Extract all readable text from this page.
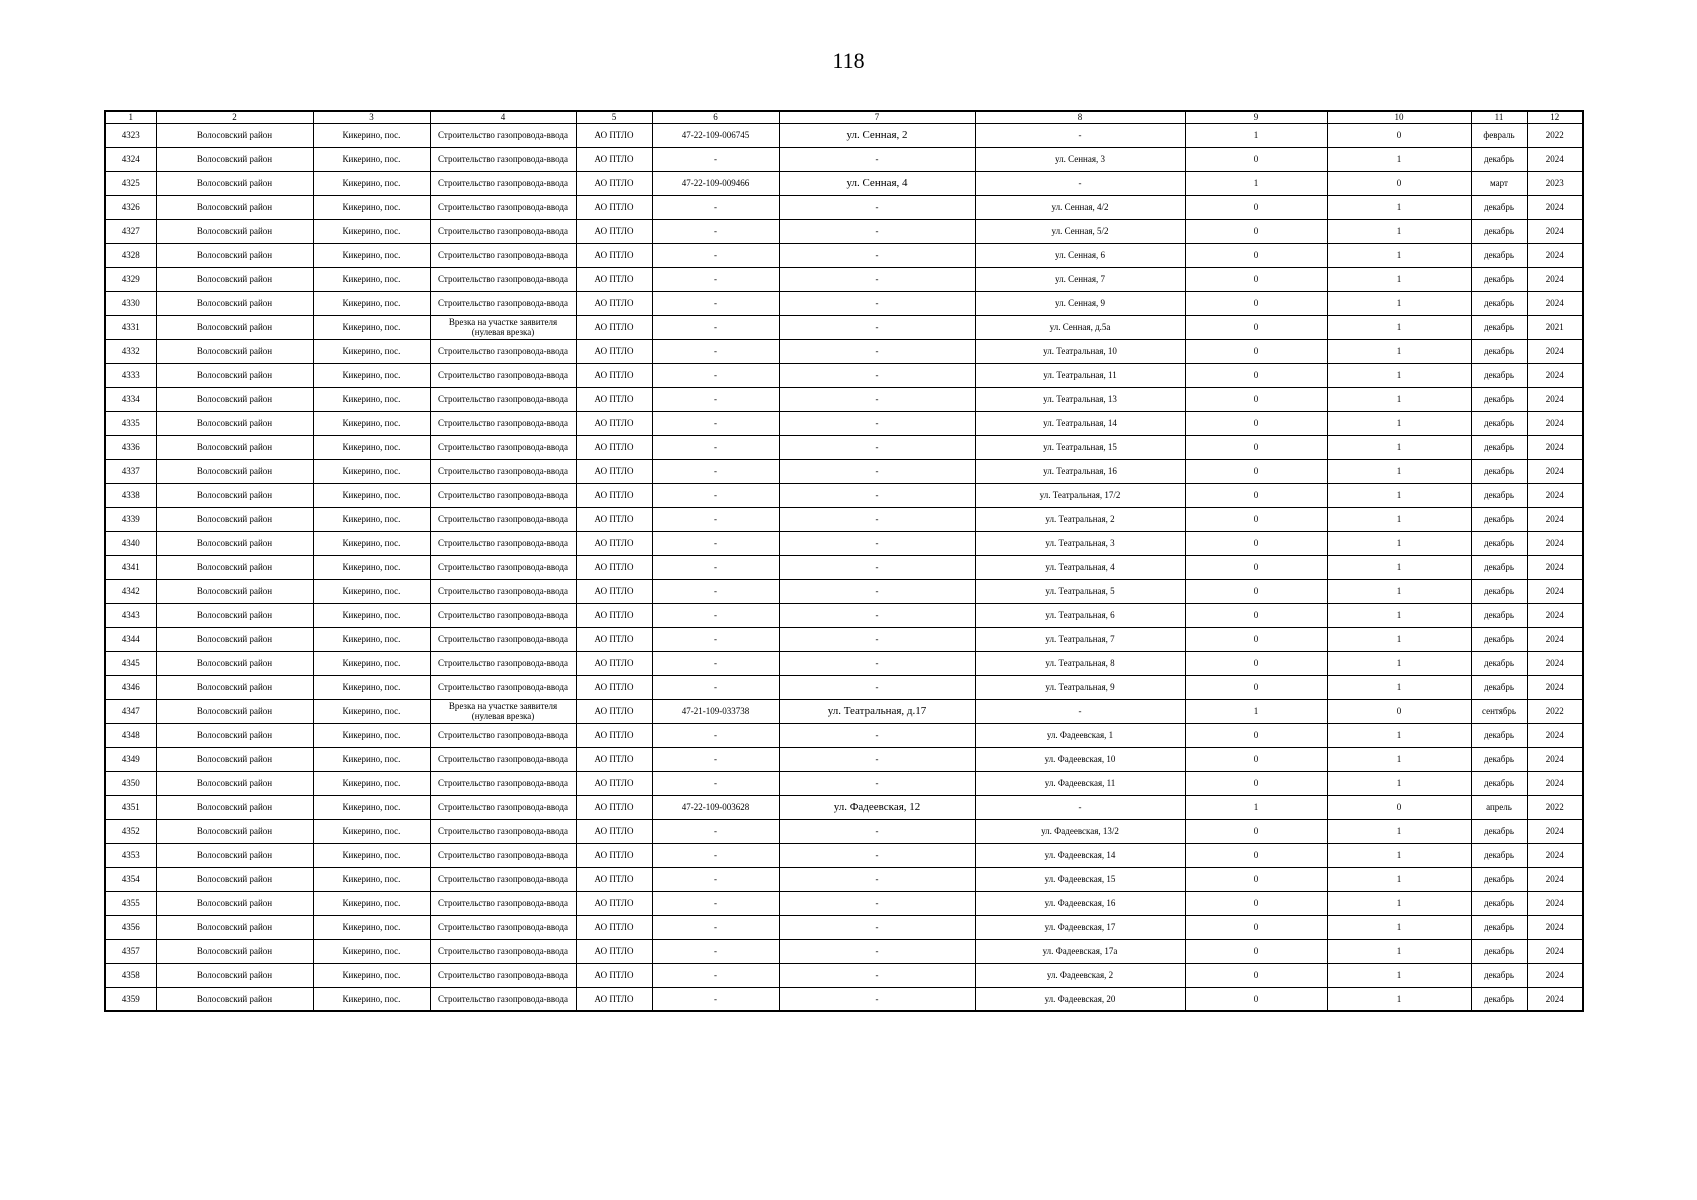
118
1	2	3	4	5	6	7	8	9	10	11	12
4323	Волосовский район	Кикерино, пос.	Строительство газопровода-ввода	АО ПТЛО	47-22-109-006745	ул. Сенная, 2	-	1	0	февраль	2022
4324	Волосовский район	Кикерино, пос.	Строительство газопровода-ввода	АО ПТЛО	-	-	ул. Сенная, 3	0	1	декабрь	2024
4325	Волосовский район	Кикерино, пос.	Строительство газопровода-ввода	АО ПТЛО	47-22-109-009466	ул. Сенная, 4	-	1	0	март	2023
4326	Волосовский район	Кикерино, пос.	Строительство газопровода-ввода	АО ПТЛО	-	-	ул. Сенная, 4/2	0	1	декабрь	2024
4327	Волосовский район	Кикерино, пос.	Строительство газопровода-ввода	АО ПТЛО	-	-	ул. Сенная, 5/2	0	1	декабрь	2024
4328	Волосовский район	Кикерино, пос.	Строительство газопровода-ввода	АО ПТЛО	-	-	ул. Сенная, 6	0	1	декабрь	2024
4329	Волосовский район	Кикерино, пос.	Строительство газопровода-ввода	АО ПТЛО	-	-	ул. Сенная, 7	0	1	декабрь	2024
4330	Волосовский район	Кикерино, пос.	Строительство газопровода-ввода	АО ПТЛО	-	-	ул. Сенная, 9	0	1	декабрь	2024
4331	Волосовский район	Кикерино, пос.	Врезка на участке заявителя (нулевая врезка)	АО ПТЛО	-	-	ул. Сенная, д.5а	0	1	декабрь	2021
4332	Волосовский район	Кикерино, пос.	Строительство газопровода-ввода	АО ПТЛО	-	-	ул. Театральная, 10	0	1	декабрь	2024
4333	Волосовский район	Кикерино, пос.	Строительство газопровода-ввода	АО ПТЛО	-	-	ул. Театральная, 11	0	1	декабрь	2024
4334	Волосовский район	Кикерино, пос.	Строительство газопровода-ввода	АО ПТЛО	-	-	ул. Театральная, 13	0	1	декабрь	2024
4335	Волосовский район	Кикерино, пос.	Строительство газопровода-ввода	АО ПТЛО	-	-	ул. Театральная, 14	0	1	декабрь	2024
4336	Волосовский район	Кикерино, пос.	Строительство газопровода-ввода	АО ПТЛО	-	-	ул. Театральная, 15	0	1	декабрь	2024
4337	Волосовский район	Кикерино, пос.	Строительство газопровода-ввода	АО ПТЛО	-	-	ул. Театральная, 16	0	1	декабрь	2024
4338	Волосовский район	Кикерино, пос.	Строительство газопровода-ввода	АО ПТЛО	-	-	ул. Театральная, 17/2	0	1	декабрь	2024
4339	Волосовский район	Кикерино, пос.	Строительство газопровода-ввода	АО ПТЛО	-	-	ул. Театральная, 2	0	1	декабрь	2024
4340	Волосовский район	Кикерино, пос.	Строительство газопровода-ввода	АО ПТЛО	-	-	ул. Театральная, 3	0	1	декабрь	2024
4341	Волосовский район	Кикерино, пос.	Строительство газопровода-ввода	АО ПТЛО	-	-	ул. Театральная, 4	0	1	декабрь	2024
4342	Волосовский район	Кикерино, пос.	Строительство газопровода-ввода	АО ПТЛО	-	-	ул. Театральная, 5	0	1	декабрь	2024
4343	Волосовский район	Кикерино, пос.	Строительство газопровода-ввода	АО ПТЛО	-	-	ул. Театральная, 6	0	1	декабрь	2024
4344	Волосовский район	Кикерино, пос.	Строительство газопровода-ввода	АО ПТЛО	-	-	ул. Театральная, 7	0	1	декабрь	2024
4345	Волосовский район	Кикерино, пос.	Строительство газопровода-ввода	АО ПТЛО	-	-	ул. Театральная, 8	0	1	декабрь	2024
4346	Волосовский район	Кикерино, пос.	Строительство газопровода-ввода	АО ПТЛО	-	-	ул. Театральная, 9	0	1	декабрь	2024
4347	Волосовский район	Кикерино, пос.	Врезка на участке заявителя (нулевая врезка)	АО ПТЛО	47-21-109-033738	ул. Театральная, д.17	-	1	0	сентябрь	2022
4348	Волосовский район	Кикерино, пос.	Строительство газопровода-ввода	АО ПТЛО	-	-	ул. Фадеевская, 1	0	1	декабрь	2024
4349	Волосовский район	Кикерино, пос.	Строительство газопровода-ввода	АО ПТЛО	-	-	ул. Фадеевская, 10	0	1	декабрь	2024
4350	Волосовский район	Кикерино, пос.	Строительство газопровода-ввода	АО ПТЛО	-	-	ул. Фадеевская, 11	0	1	декабрь	2024
4351	Волосовский район	Кикерино, пос.	Строительство газопровода-ввода	АО ПТЛО	47-22-109-003628	ул. Фадеевская, 12	-	1	0	апрель	2022
4352	Волосовский район	Кикерино, пос.	Строительство газопровода-ввода	АО ПТЛО	-	-	ул. Фадеевская, 13/2	0	1	декабрь	2024
4353	Волосовский район	Кикерино, пос.	Строительство газопровода-ввода	АО ПТЛО	-	-	ул. Фадеевская, 14	0	1	декабрь	2024
4354	Волосовский район	Кикерино, пос.	Строительство газопровода-ввода	АО ПТЛО	-	-	ул. Фадеевская, 15	0	1	декабрь	2024
4355	Волосовский район	Кикерино, пос.	Строительство газопровода-ввода	АО ПТЛО	-	-	ул. Фадеевская, 16	0	1	декабрь	2024
4356	Волосовский район	Кикерино, пос.	Строительство газопровода-ввода	АО ПТЛО	-	-	ул. Фадеевская, 17	0	1	декабрь	2024
4357	Волосовский район	Кикерино, пос.	Строительство газопровода-ввода	АО ПТЛО	-	-	ул. Фадеевская, 17а	0	1	декабрь	2024
4358	Волосовский район	Кикерино, пос.	Строительство газопровода-ввода	АО ПТЛО	-	-	ул. Фадеевская, 2	0	1	декабрь	2024
4359	Волосовский район	Кикерино, пос.	Строительство газопровода-ввода	АО ПТЛО	-	-	ул. Фадеевская, 20	0	1	декабрь	2024
